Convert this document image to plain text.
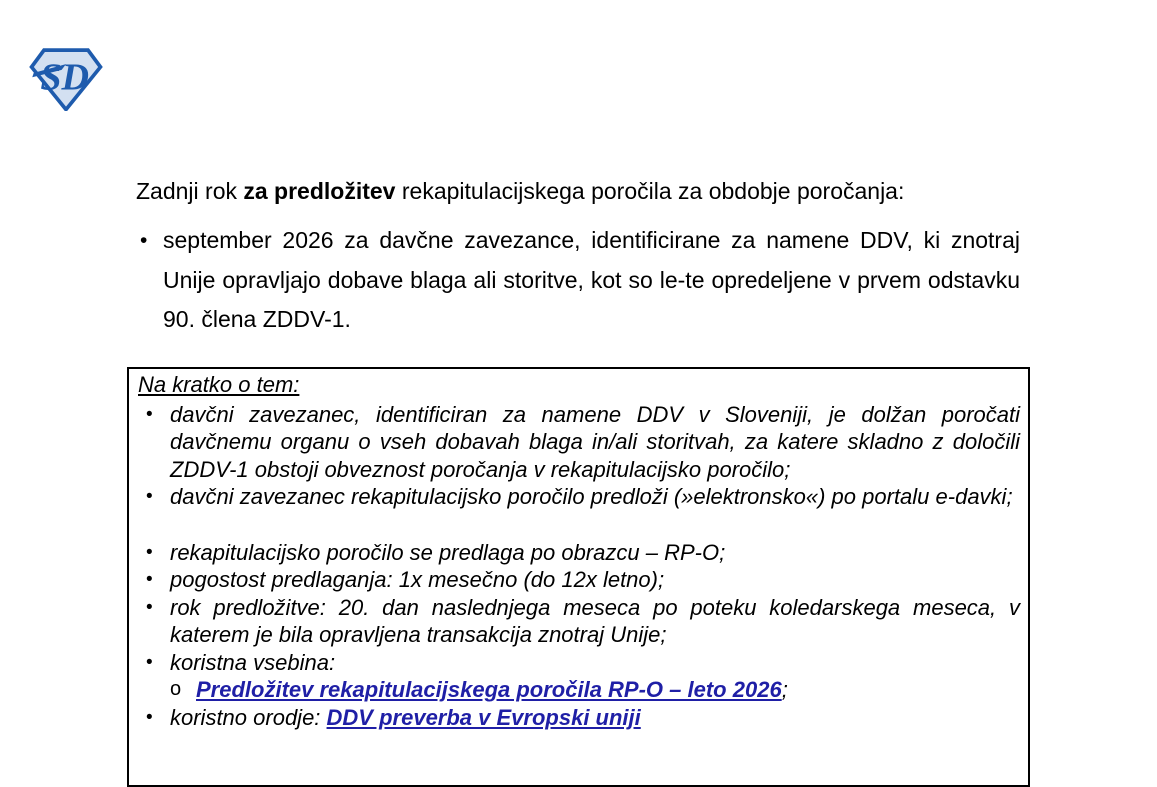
SD
Zadnji rok za predložitev rekapitulacijskega poročila za obdobje poročanja:
• september 2026 za davčne zavezance, identificirane za namene DDV, ki znotraj Unije opravljajo dobave blaga ali storitve, kot so le-te opredeljene v prvem odstavku 90. člena ZDDV-1.
Na kratko o tem:
• davčni zavezanec, identificiran za namene DDV v Sloveniji, je dolžan poročati davčnemu organu o vseh dobavah blaga in/ali storitvah, za katere skladno z določili ZDDV-1 obstoji obveznost poročanja v rekapitulacijsko poročilo;
• davčni zavezanec rekapitulacijsko poročilo predloži (»elektronsko«) po portalu e-davki;
• rekapitulacijsko poročilo se predlaga po obrazcu – RP-O;
• pogostost predlaganja: 1x mesečno (do 12x letno);
• rok predložitve: 20. dan naslednjega meseca po poteku koledarskega meseca, v katerem je bila opravljena transakcija znotraj Unije;
• koristna vsebina:
o Predložitev rekapitulacijskega poročila RP-O – leto 2026;
• koristno orodje: DDV preverba v Evropski uniji
